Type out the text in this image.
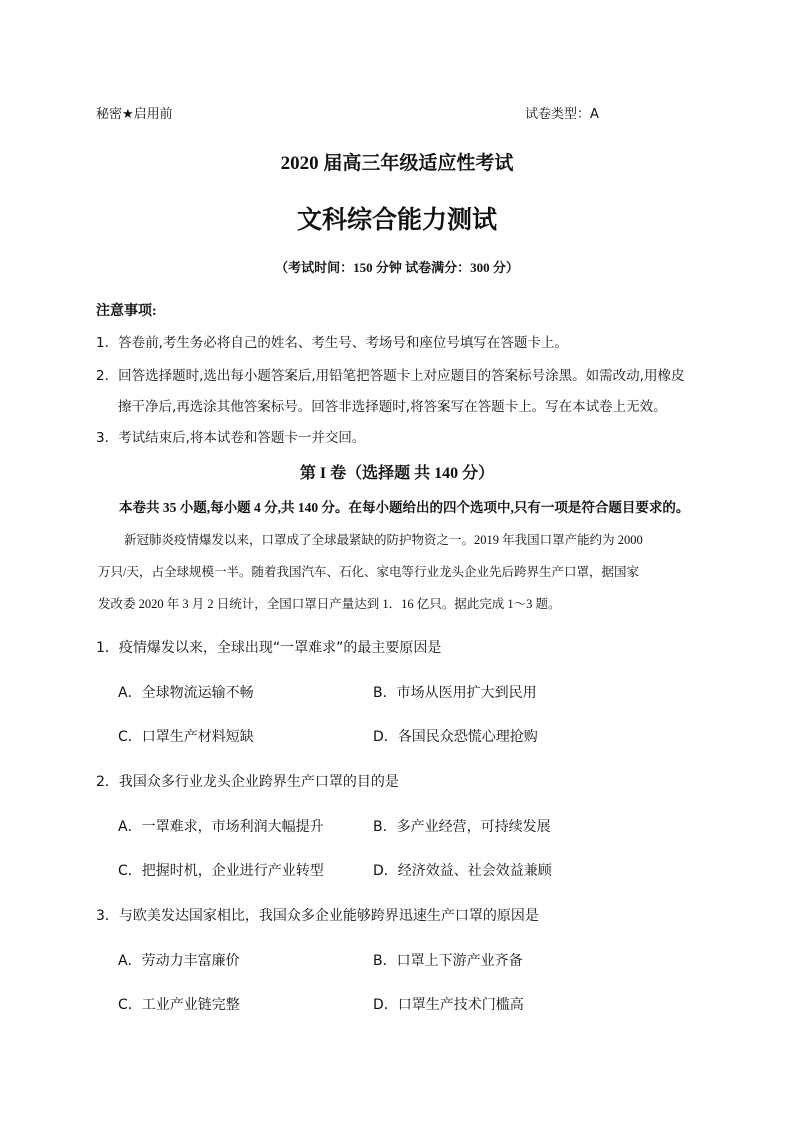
秘密★启用前	试卷类型：A
2020 届高三年级适应性考试
文科综合能力测试
（考试时间：150 分钟 试卷满分：300 分）
注意事项:
1．答卷前,考生务必将自己的姓名、考生号、考场号和座位号填写在答题卡上。
2．回答选择题时,选出每小题答案后,用铅笔把答题卡上对应题目的答案标号涂黑。如需改动,用橡皮
擦干净后,再选涂其他答案标号。回答非选择题时,将答案写在答题卡上。写在本试卷上无效。
3．考试结束后,将本试卷和答题卡一并交回。
第 I 卷（选择题 共 140 分）
本卷共 35 小题,每小题 4 分,共 140 分。在每小题给出的四个选项中,只有一项是符合题目要求的。
新冠肺炎疫情爆发以来，口罩成了全球最紧缺的防护物资之一。2019 年我国口罩产能约为 2000
万只/天，占全球规模一半。随着我国汽车、石化、家电等行业龙头企业先后跨界生产口罩，据国家
发改委 2020 年 3 月 2 日统计，全国口罩日产量达到 1．16 亿只。据此完成 1～3 题。
1．疫情爆发以来，全球出现“一罩难求”的最主要原因是
A．全球物流运输不畅	B．市场从医用扩大到民用
C．口罩生产材料短缺	D．各国民众恐慌心理抢购
2．我国众多行业龙头企业跨界生产口罩的目的是
A．一罩难求，市场利润大幅提升	B．多产业经营，可持续发展
C．把握时机，企业进行产业转型	D．经济效益、社会效益兼顾
3．与欧美发达国家相比，我国众多企业能够跨界迅速生产口罩的原因是
A．劳动力丰富廉价	B．口罩上下游产业齐备
C．工业产业链完整	D．口罩生产技术门槛高
